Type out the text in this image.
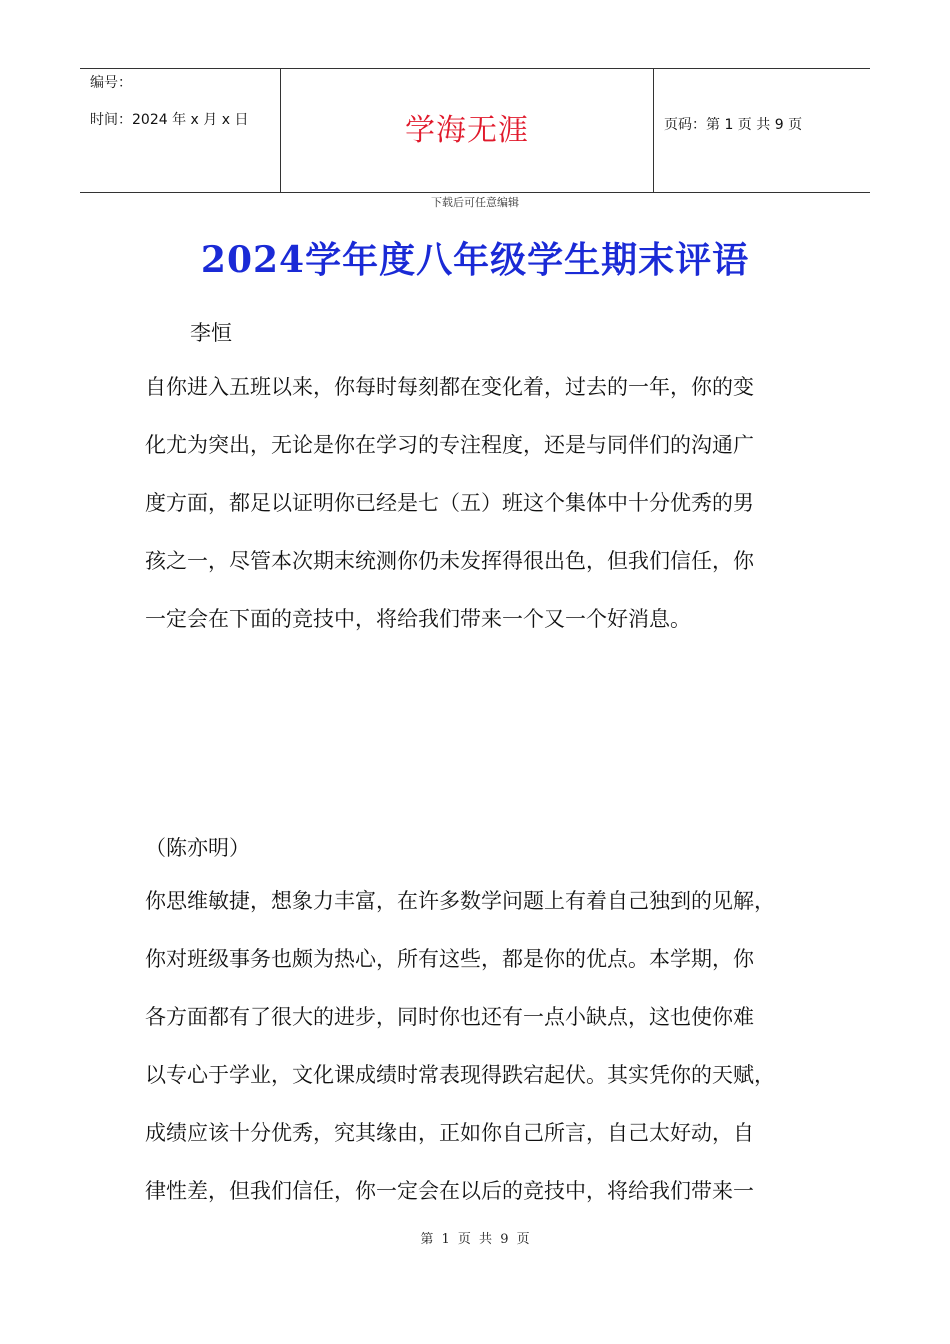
编号：
时间：2024 年 x 月 x 日	学海无涯	页码：第 1 页 共 9 页
下载后可任意编辑
2024学年度八年级学生期末评语
李恒
自你进入五班以来，你每时每刻都在变化着，过去的一年，你的变
化尤为突出，无论是你在学习的专注程度，还是与同伴们的沟通广
度方面，都足以证明你已经是七（五）班这个集体中十分优秀的男
孩之一，尽管本次期末统测你仍未发挥得很出色，但我们信任，你
一定会在下面的竞技中，将给我们带来一个又一个好消息。
（陈亦明）
你思维敏捷，想象力丰富，在许多数学问题上有着自己独到的见解，
你对班级事务也颇为热心，所有这些，都是你的优点。本学期，你
各方面都有了很大的进步，同时你也还有一点小缺点，这也使你难
以专心于学业，文化课成绩时常表现得跌宕起伏。其实凭你的天赋，
成绩应该十分优秀，究其缘由，正如你自己所言，自己太好动，自
律性差，但我们信任，你一定会在以后的竞技中，将给我们带来一
第 1 页 共 9 页
